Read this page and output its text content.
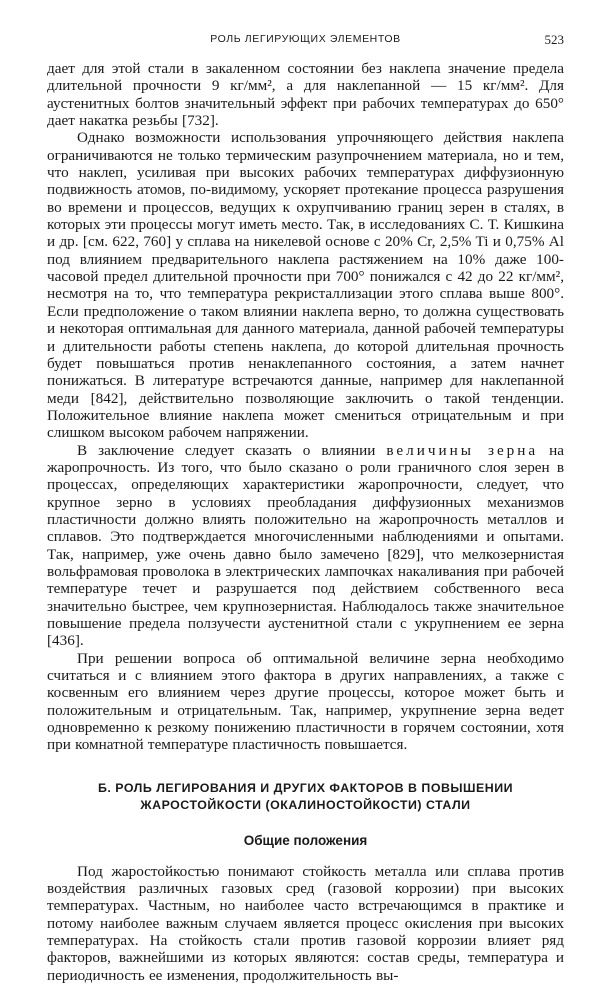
РОЛЬ ЛЕГИРУЮЩИХ ЭЛЕМЕНТОВ	523

дает для этой стали в закаленном состоянии без наклепа значение предела длительной прочности 9 кг/мм², а для наклепанной — 15 кг/мм². Для аустенитных болтов значительный эффект при рабочих температурах до 650° дает накатка резьбы [732].

Однако возможности использования упрочняющего действия наклепа ограничиваются не только термическим разупрочнением материала, но и тем, что наклеп, усиливая при высоких рабочих температурах диффузионную подвижность атомов, по-видимому, ускоряет протекание процесса разрушения во времени и процессов, ведущих к охрупчиванию границ зерен в сталях, в которых эти процессы могут иметь место. Так, в исследованиях С. Т. Кишкина и др. [см. 622, 760] у сплава на никелевой основе с 20% Cr, 2,5% Ti и 0,75% Al под влиянием предварительного наклепа растяжением на 10% даже 100-часовой предел длительной прочности при 700° понижался с 42 до 22 кг/мм², несмотря на то, что температура рекристаллизации этого сплава выше 800°. Если предположение о таком влиянии наклепа верно, то должна существовать и некоторая оптимальная для данного материала, данной рабочей температуры и длительности работы степень наклепа, до которой длительная прочность будет повышаться против ненаклепанного состояния, а затем начнет понижаться. В литературе встречаются данные, например для наклепанной меди [842], действительно позволяющие заключить о такой тенденции. Положительное влияние наклепа может смениться отрицательным и при слишком высоком рабочем напряжении.

В заключение следует сказать о влиянии величины зерна на жаропрочность. Из того, что было сказано о роли граничного слоя зерен в процессах, определяющих характеристики жаропрочности, следует, что крупное зерно в условиях преобладания диффузионных механизмов пластичности должно влиять положительно на жаропрочность металлов и сплавов. Это подтверждается многочисленными наблюдениями и опытами. Так, например, уже очень давно было замечено [829], что мелкозернистая вольфрамовая проволока в электрических лампочках накаливания при рабочей температуре течет и разрушается под действием собственного веса значительно быстрее, чем крупнозернистая. Наблюдалось также значительное повышение предела ползучести аустенитной стали с укрупнением ее зерна [436].

При решении вопроса об оптимальной величине зерна необходимо считаться и с влиянием этого фактора в других направлениях, а также с косвенным его влиянием через другие процессы, которое может быть и положительным и отрицательным. Так, например, укрупнение зерна ведет одновременно к резкому понижению пластичности в горячем состоянии, хотя при комнатной температуре пластичность повышается.

Б. РОЛЬ ЛЕГИРОВАНИЯ И ДРУГИХ ФАКТОРОВ В ПОВЫШЕНИИ
ЖАРОСТОЙКОСТИ (ОКАЛИНОСТОЙКОСТИ) СТАЛИ
Общие положения

Под жаростойкостью понимают стойкость металла или сплава против воздействия различных газовых сред (газовой коррозии) при высоких температурах. Частным, но наиболее часто встречающимся в практике и потому наиболее важным случаем является процесс окисления при высоких температурах. На стойкость стали против газовой коррозии влияет ряд факторов, важнейшими из которых являются: состав среды, температура и периодичность ее изменения, продолжительность вы-
